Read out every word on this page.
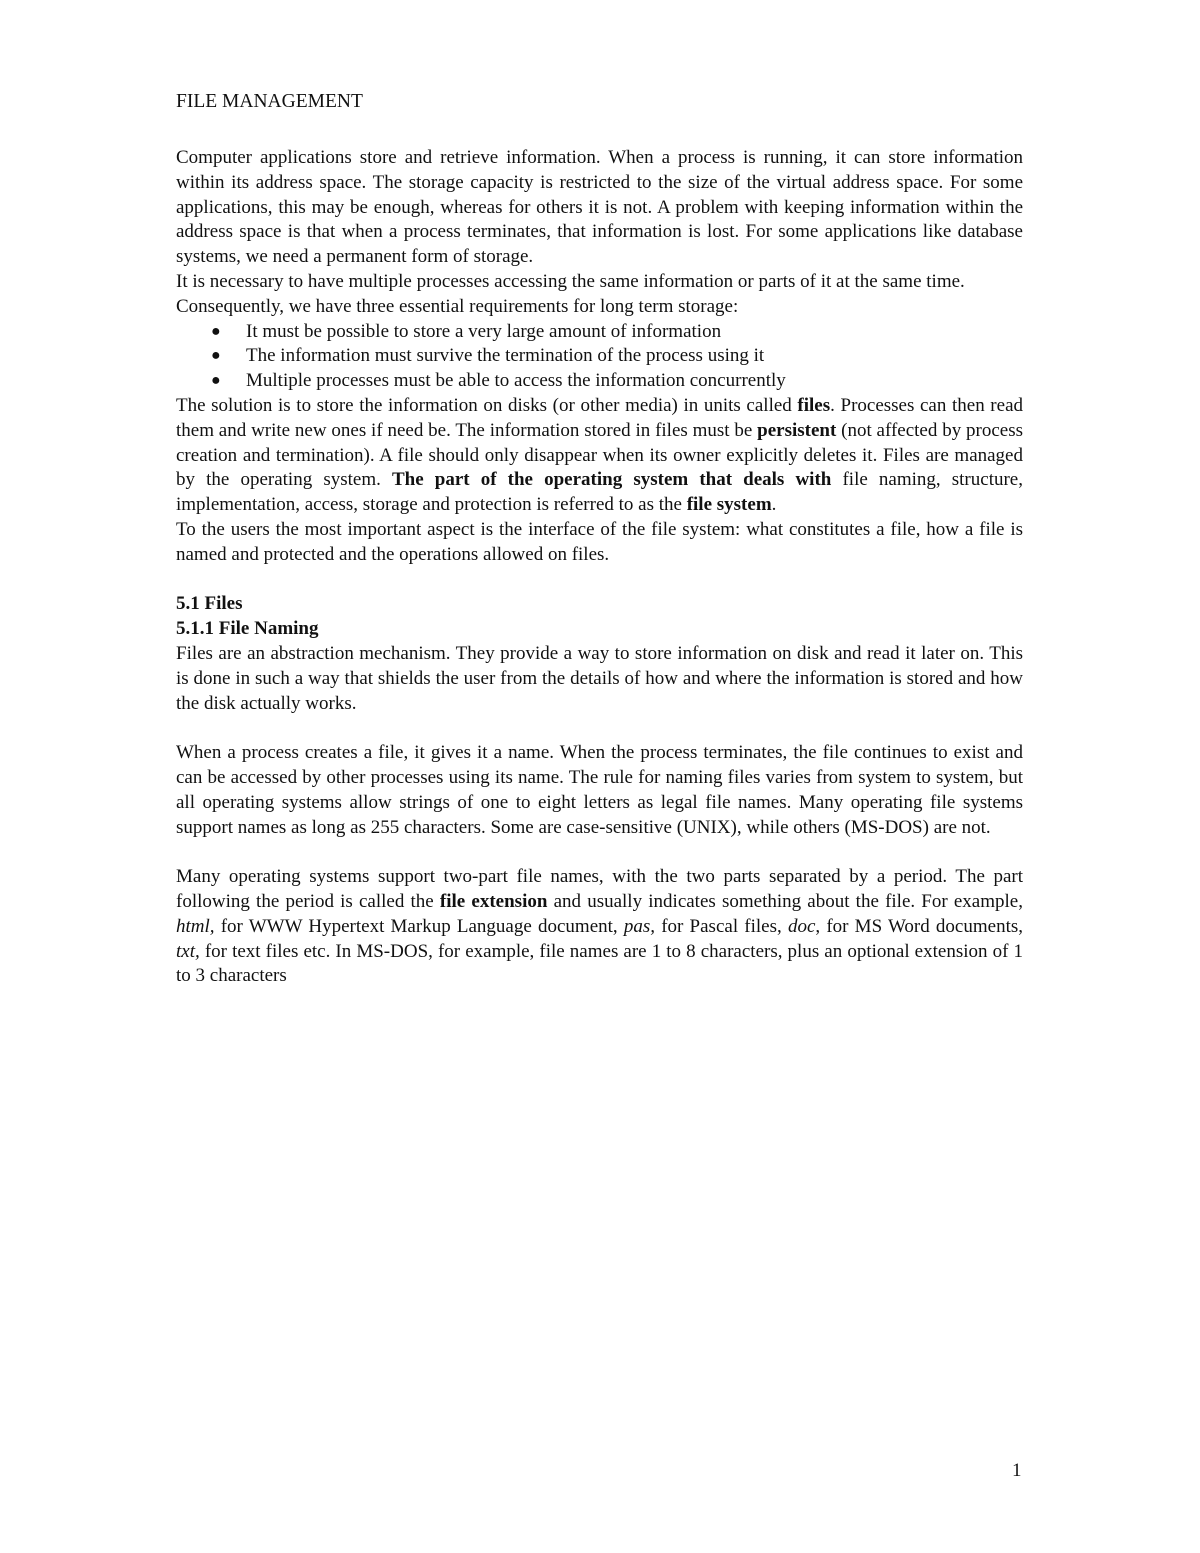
FILE MANAGEMENT

Computer applications store and retrieve information. When a process is running, it can store information within its address space. The storage capacity is restricted to the size of the virtual address space. For some applications, this may be enough, whereas for others it is not. A problem with keeping information within the address space is that when a process terminates, that information is lost. For some applications like database systems, we need a permanent form of storage.

It is necessary to have multiple processes accessing the same information or parts of it at the same time.

Consequently, we have three essential requirements for long term storage:

● It must be possible to store a very large amount of information
● The information must survive the termination of the process using it
● Multiple processes must be able to access the information concurrently

The solution is to store the information on disks (or other media) in units called files. Processes can then read them and write new ones if need be. The information stored in files must be persistent (not affected by process creation and termination). A file should only disappear when its owner explicitly deletes it. Files are managed by the operating system. The part of the operating system that deals with file naming, structure, implementation, access, storage and protection is referred to as the file system.

To the users the most important aspect is the interface of the file system: what constitutes a file, how a file is named and protected and the operations allowed on files.

5.1 Files
5.1.1 File Naming

Files are an abstraction mechanism. They provide a way to store information on disk and read it later on. This is done in such a way that shields the user from the details of how and where the information is stored and how the disk actually works.

When a process creates a file, it gives it a name. When the process terminates, the file continues to exist and can be accessed by other processes using its name. The rule for naming files varies from system to system, but all operating systems allow strings of one to eight letters as legal file names. Many operating file systems support names as long as 255 characters. Some are case-sensitive (UNIX), while others (MS-DOS) are not.

Many operating systems support two-part file names, with the two parts separated by a period. The part following the period is called the file extension and usually indicates something about the file. For example, html, for WWW Hypertext Markup Language document, pas, for Pascal files, doc, for MS Word documents, txt, for text files etc. In MS-DOS, for example, file names are 1 to 8 characters, plus an optional extension of 1 to 3 characters

1
